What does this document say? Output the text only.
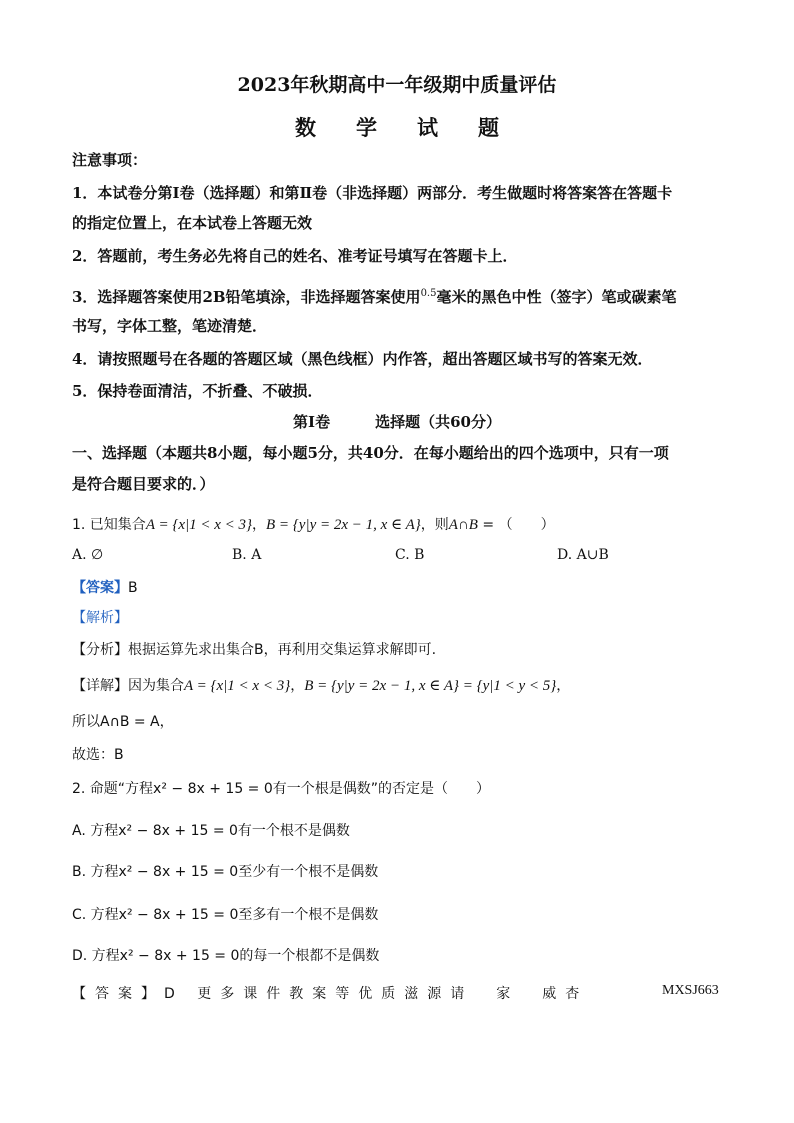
2023年秋期高中一年级期中质量评估
数学试题
注意事项：
1．本试卷分第Ⅰ卷（选择题）和第Ⅱ卷（非选择题）两部分．考生做题时将答案答在答题卡
的指定位置上，在本试卷上答题无效
2．答题前，考生务必先将自己的姓名、准考证号填写在答题卡上．
3．选择题答案使用2B铅笔填涂，非选择题答案使用$^{0.5}$毫米的黑色中性（签字）笔或碳素笔
书写，字体工整，笔迹清楚．
4．请按照题号在各题的答题区域（黑色线框）内作答，超出答题区域书写的答案无效．
5．保持卷面清洁，不折叠、不破损．
第Ⅰ卷　　　选择题（共60分）
一、选择题（本题共8小题，每小题5分，共40分．在每小题给出的四个选项中，只有一项
是符合题目要求的．）
1. 已知集合A = {x|1 < x < 3}，B = {y|y = 2x − 1, x ∈ A}，则A∩B = （　　）
A. ∅	B. A	C. B	D. A∪B
【答案】B
【解析】
【分析】根据运算先求出集合B，再利用交集运算求解即可.
【详解】因为集合A = {x|1 < x < 3}，B = {y|y = 2x − 1, x ∈ A} = {y|1 < y < 5}，
所以A∩B = A，
故选：B
2. 命题“方程x² − 8x + 15 = 0有一个根是偶数”的否定是（　　）
A. 方程x² − 8x + 15 = 0有一个根不是偶数
B. 方程x² − 8x + 15 = 0至少有一个根不是偶数
C. 方程x² − 8x + 15 = 0至多有一个根不是偶数
D. 方程x² − 8x + 15 = 0的每一个根都不是偶数
【答案】D 更多课件教案等优质滋源请　家　威杏	MXSJ663
